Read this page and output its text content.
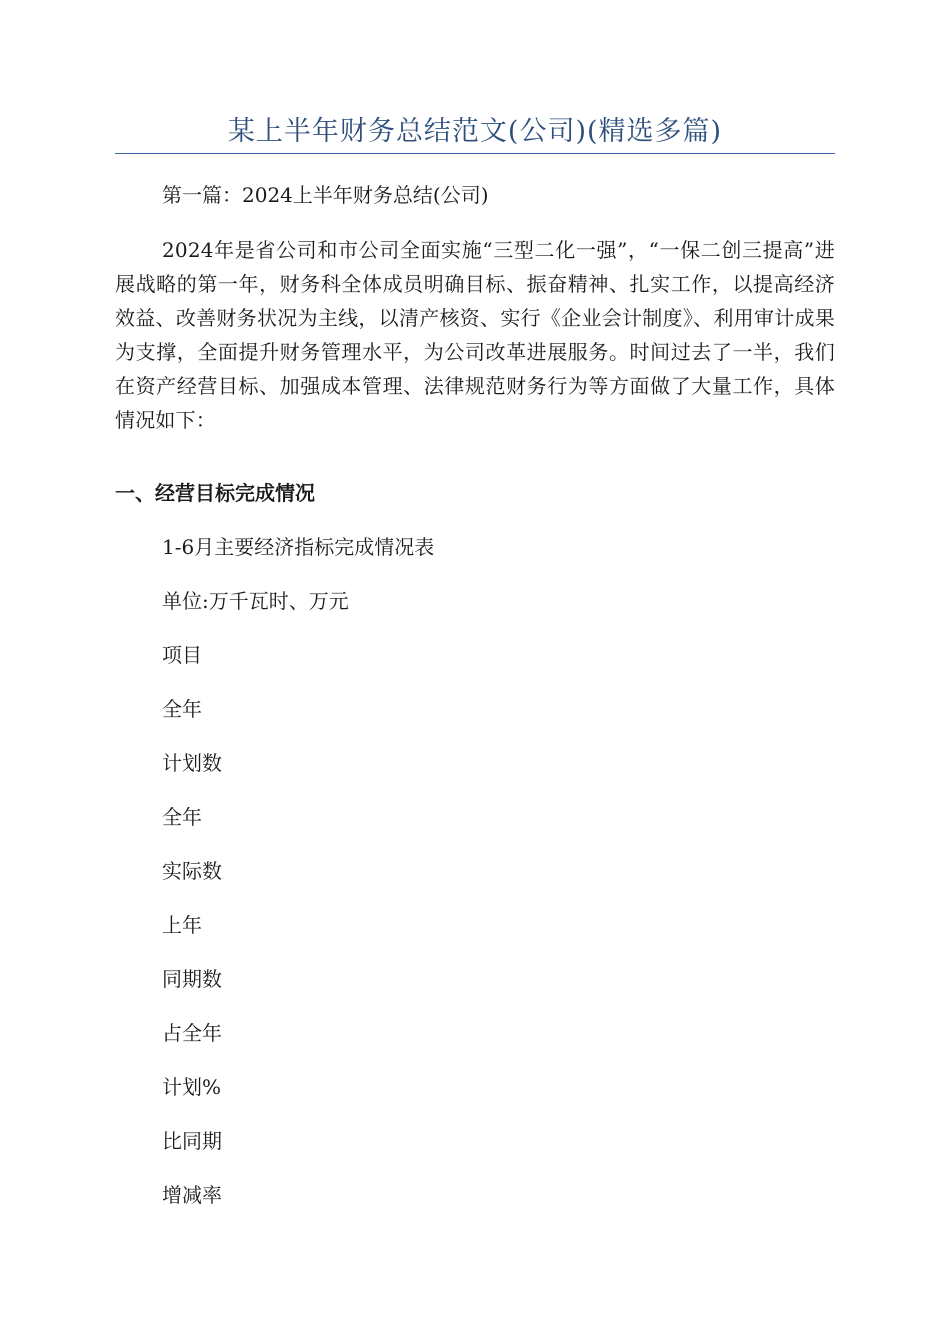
某上半年财务总结范文(公司)(精选多篇)
第一篇：2024上半年财务总结(公司)
2024年是省公司和市公司全面实施“三型二化一强”，“一保二创三提高”进展战略的第一年，财务科全体成员明确目标、振奋精神、扎实工作，以提高经济效益、改善财务状况为主线，以清产核资、实行《企业会计制度》、利用审计成果为支撑，全面提升财务管理水平，为公司改革进展服务。时间过去了一半，我们在资产经营目标、加强成本管理、法律规范财务行为等方面做了大量工作，具体情况如下：
一、经营目标完成情况
1-6月主要经济指标完成情况表
单位:万千瓦时、万元
项目
全年
计划数
全年
实际数
上年
同期数
占全年
计划%
比同期
增减率
